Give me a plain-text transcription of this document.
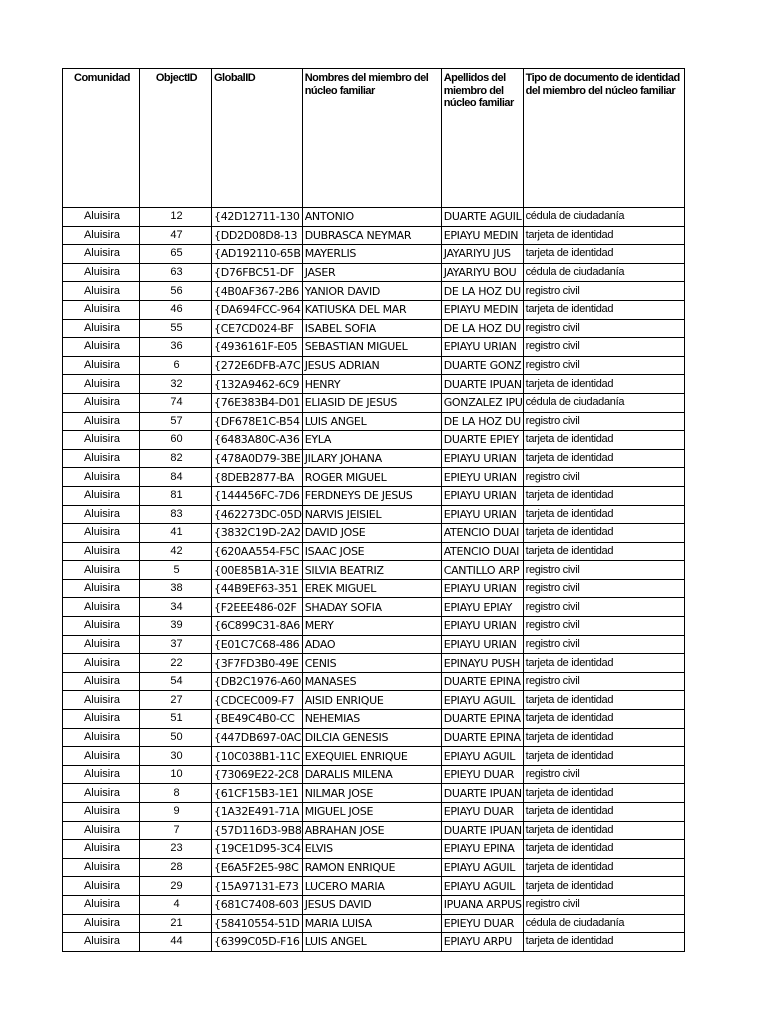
Comunidad	ObjectID	GlobalID	Nombres del miembro del núcleo familiar	Apellidos del miembro del núcleo familiar	Tipo de documento de identidad del miembro del núcleo familiar
Aluisira	12	{42D12711-130	ANTONIO	DUARTE AGUIL	cédula de ciudadanía
Aluisira	47	{DD2D08D8-13	DUBRASCA NEYMAR	EPIAYU MEDIN	tarjeta de identidad
Aluisira	65	{AD192110-65B	MAYERLIS	JAYARIYU JUS	tarjeta de identidad
Aluisira	63	{D76FBC51-DF	JASER	JAYARIYU BOU	cédula de ciudadanía
Aluisira	56	{4B0AF367-2B6	YANIOR DAVID	DE LA HOZ DU	registro civil
Aluisira	46	{DA694FCC-964	KATIUSKA DEL MAR	EPIAYU MEDIN	tarjeta de identidad
Aluisira	55	{CE7CD024-BF	ISABEL SOFIA	DE LA HOZ DU	registro civil
Aluisira	36	{4936161F-E05	SEBASTIAN MIGUEL	EPIAYU URIAN	registro civil
Aluisira	6	{272E6DFB-A7C	JESUS ADRIAN	DUARTE GONZ	registro civil
Aluisira	32	{132A9462-6C9	HENRY	DUARTE IPUAN	tarjeta de identidad
Aluisira	74	{76E383B4-D01	ELIASID DE JESUS	GONZALEZ IPU	cédula de ciudadanía
Aluisira	57	{DF678E1C-B54	LUIS ANGEL	DE LA HOZ DU	registro civil
Aluisira	60	{6483A80C-A36	EYLA	DUARTE EPIEY	tarjeta de identidad
Aluisira	82	{478A0D79-3BE	JILARY JOHANA	EPIAYU URIAN	tarjeta de identidad
Aluisira	84	{8DEB2877-BA	ROGER MIGUEL	EPIEYU URIAN	registro civil
Aluisira	81	{144456FC-7D6	FERDNEYS DE JESUS	EPIAYU URIAN	tarjeta de identidad
Aluisira	83	{462273DC-05D	NARVIS JEISIEL	EPIAYU URIAN	tarjeta de identidad
Aluisira	41	{3832C19D-2A2	DAVID JOSE	ATENCIO DUAI	tarjeta de identidad
Aluisira	42	{620AA554-F5C	ISAAC JOSE	ATENCIO DUAI	tarjeta de identidad
Aluisira	5	{00E85B1A-31E	SILVIA BEATRIZ	CANTILLO ARP	registro civil
Aluisira	38	{44B9EF63-351	EREK MIGUEL	EPIAYU URIAN	registro civil
Aluisira	34	{F2EEE486-02F	SHADAY SOFIA	EPIAYU EPIAY	registro civil
Aluisira	39	{6C899C31-8A6	MERY	EPIAYU URIAN	registro civil
Aluisira	37	{E01C7C68-486	ADAO	EPIAYU URIAN	registro civil
Aluisira	22	{3F7FD3B0-49E	CENIS	EPINAYU PUSH	tarjeta de identidad
Aluisira	54	{DB2C1976-A60	MANASES	DUARTE EPINA	registro civil
Aluisira	27	{CDCEC009-F7	AISID ENRIQUE	EPIAYU AGUIL	tarjeta de identidad
Aluisira	51	{BE49C4B0-CC	NEHEMIAS	DUARTE EPINA	tarjeta de identidad
Aluisira	50	{447DB697-0AC	DILCIA GENESIS	DUARTE EPINA	tarjeta de identidad
Aluisira	30	{10C038B1-11C	EXEQUIEL ENRIQUE	EPIAYU AGUIL	tarjeta de identidad
Aluisira	10	{73069E22-2C8	DARALIS MILENA	EPIEYU DUAR	registro civil
Aluisira	8	{61CF15B3-1E1	NILMAR JOSE	DUARTE IPUAN	tarjeta de identidad
Aluisira	9	{1A32E491-71A	MIGUEL JOSE	EPIAYU DUAR	tarjeta de identidad
Aluisira	7	{57D116D3-9B8	ABRAHAN JOSE	DUARTE IPUAN	tarjeta de identidad
Aluisira	23	{19CE1D95-3C4	ELVIS	EPIAYU EPINA	tarjeta de identidad
Aluisira	28	{E6A5F2E5-98C	RAMON ENRIQUE	EPIAYU AGUIL	tarjeta de identidad
Aluisira	29	{15A97131-E73	LUCERO MARIA	EPIAYU AGUIL	tarjeta de identidad
Aluisira	4	{681C7408-603	JESUS DAVID	IPUANA ARPUS	registro civil
Aluisira	21	{58410554-51D	MARIA LUISA	EPIEYU DUAR	cédula de ciudadanía
Aluisira	44	{6399C05D-F16	LUIS ANGEL	EPIAYU ARPU	tarjeta de identidad
